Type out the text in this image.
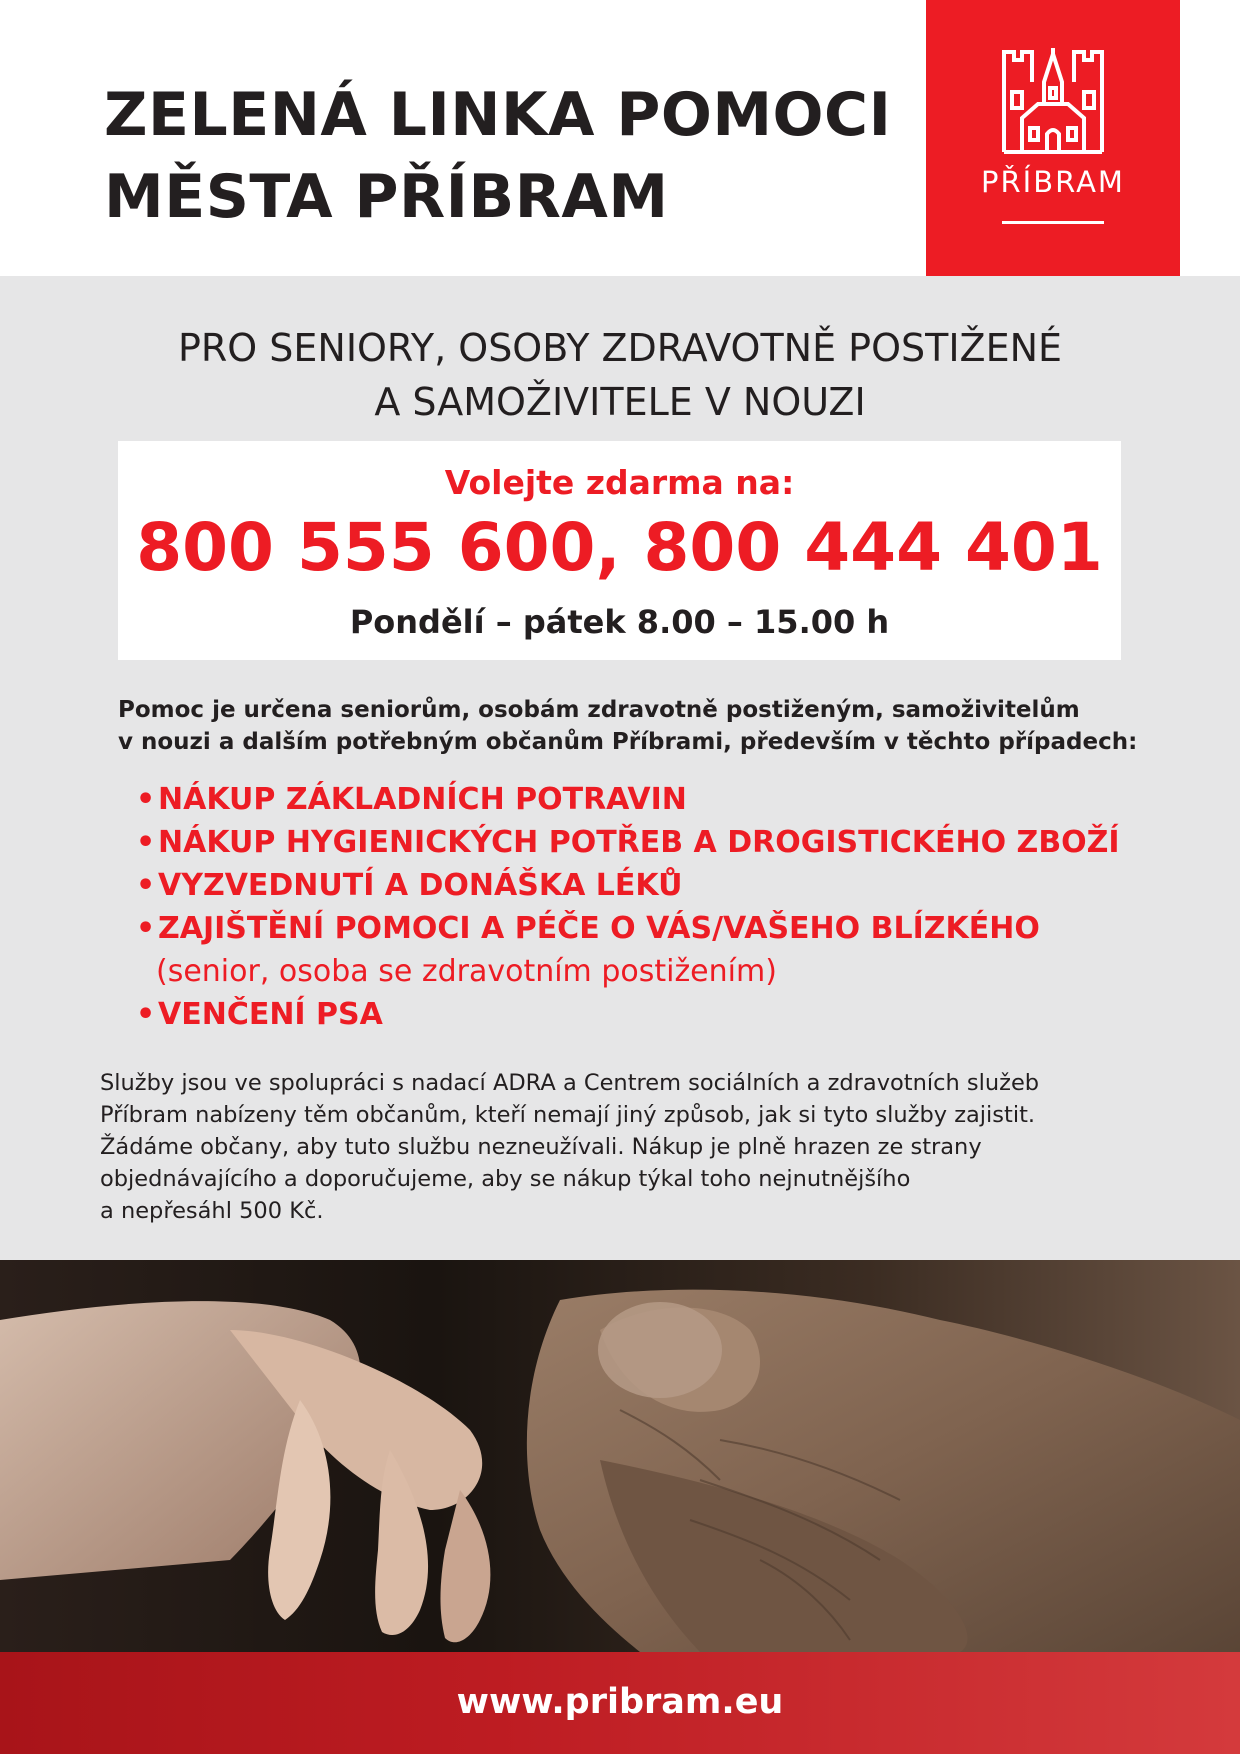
ZELENÁ LINKA POMOCI
MĚSTA PŘÍBRAM	PŘÍBRAM
PRO SENIORY, OSOBY ZDRAVOTNĚ POSTIŽENÉ
A SAMOŽIVITELE V NOUZI
Volejte zdarma na:
800 555 600, 800 444 401
Pondělí – pátek 8.00 – 15.00 h

Pomoc je určena seniorům, osobám zdravotně postiženým, samoživitelům
v nouzi a dalším potřebným občanům Příbrami, především v těchto případech:

•NÁKUP ZÁKLADNÍCH POTRAVIN
•NÁKUP HYGIENICKÝCH POTŘEB A DROGISTICKÉHO ZBOŽÍ
•VYZVEDNUTÍ A DONÁŠKA LÉKŮ
•ZAJIŠTĚNÍ POMOCI A PÉČE O VÁS/VAŠEHO BLÍZKÉHO
(senior, osoba se zdravotním postižením)
•VENČENÍ PSA

Služby jsou ve spolupráci s nadací ADRA a Centrem sociálních a zdravotních služeb
Příbram nabízeny těm občanům, kteří nemají jiný způsob, jak si tyto služby zajistit.
Žádáme občany, aby tuto službu nezneužívali. Nákup je plně hrazen ze strany
objednávajícího a doporučujeme, aby se nákup týkal toho nejnutnějšího
a nepřesáhl 500 Kč.

www.pribram.eu
